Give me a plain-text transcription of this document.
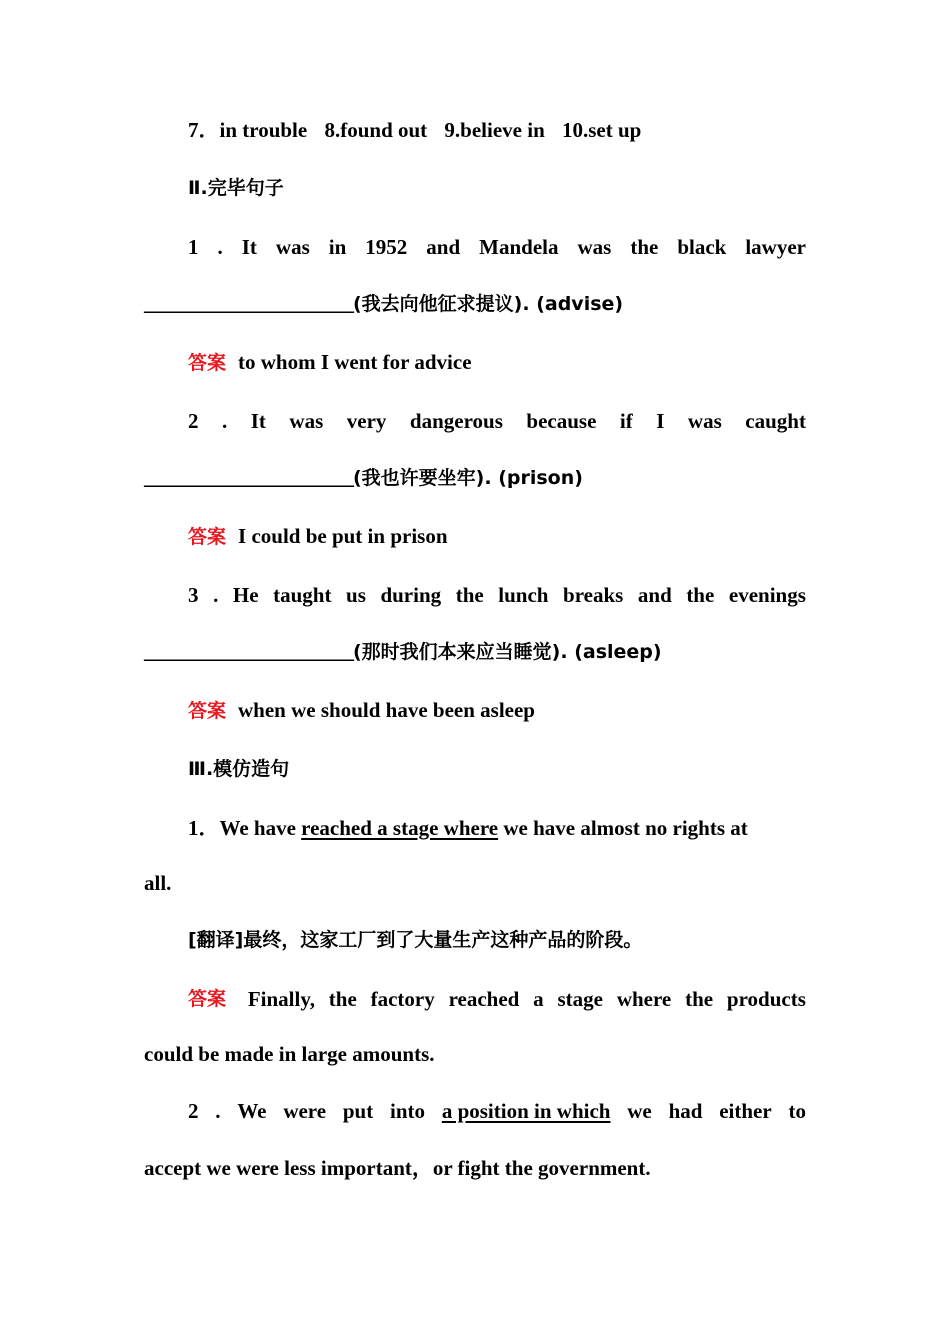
7．in trouble 8.found out 9.believe in 10.set up
Ⅱ.完毕句子
1 . It was in 1952 and Mandela was the black lawyer
______________________(我去向他征求提议). (advise)
答案 to whom I went for advice
2 . It was very dangerous because if I was caught
______________________(我也许要坐牢). (prison)
答案 I could be put in prison
3 . He taught us during the lunch breaks and the evenings
______________________(那时我们本来应当睡觉). (asleep)
答案 when we should have been asleep
Ⅲ.模仿造句
1．We have reached a stage where we have almost no rights at
all.
[翻译]最终，这家工厂到了大量生产这种产品的阶段。
答案 Finally, the factory reached a stage where the products
could be made in large amounts.
2 . We were put into a position in which we had either to
accept we were less important，or fight the government.
